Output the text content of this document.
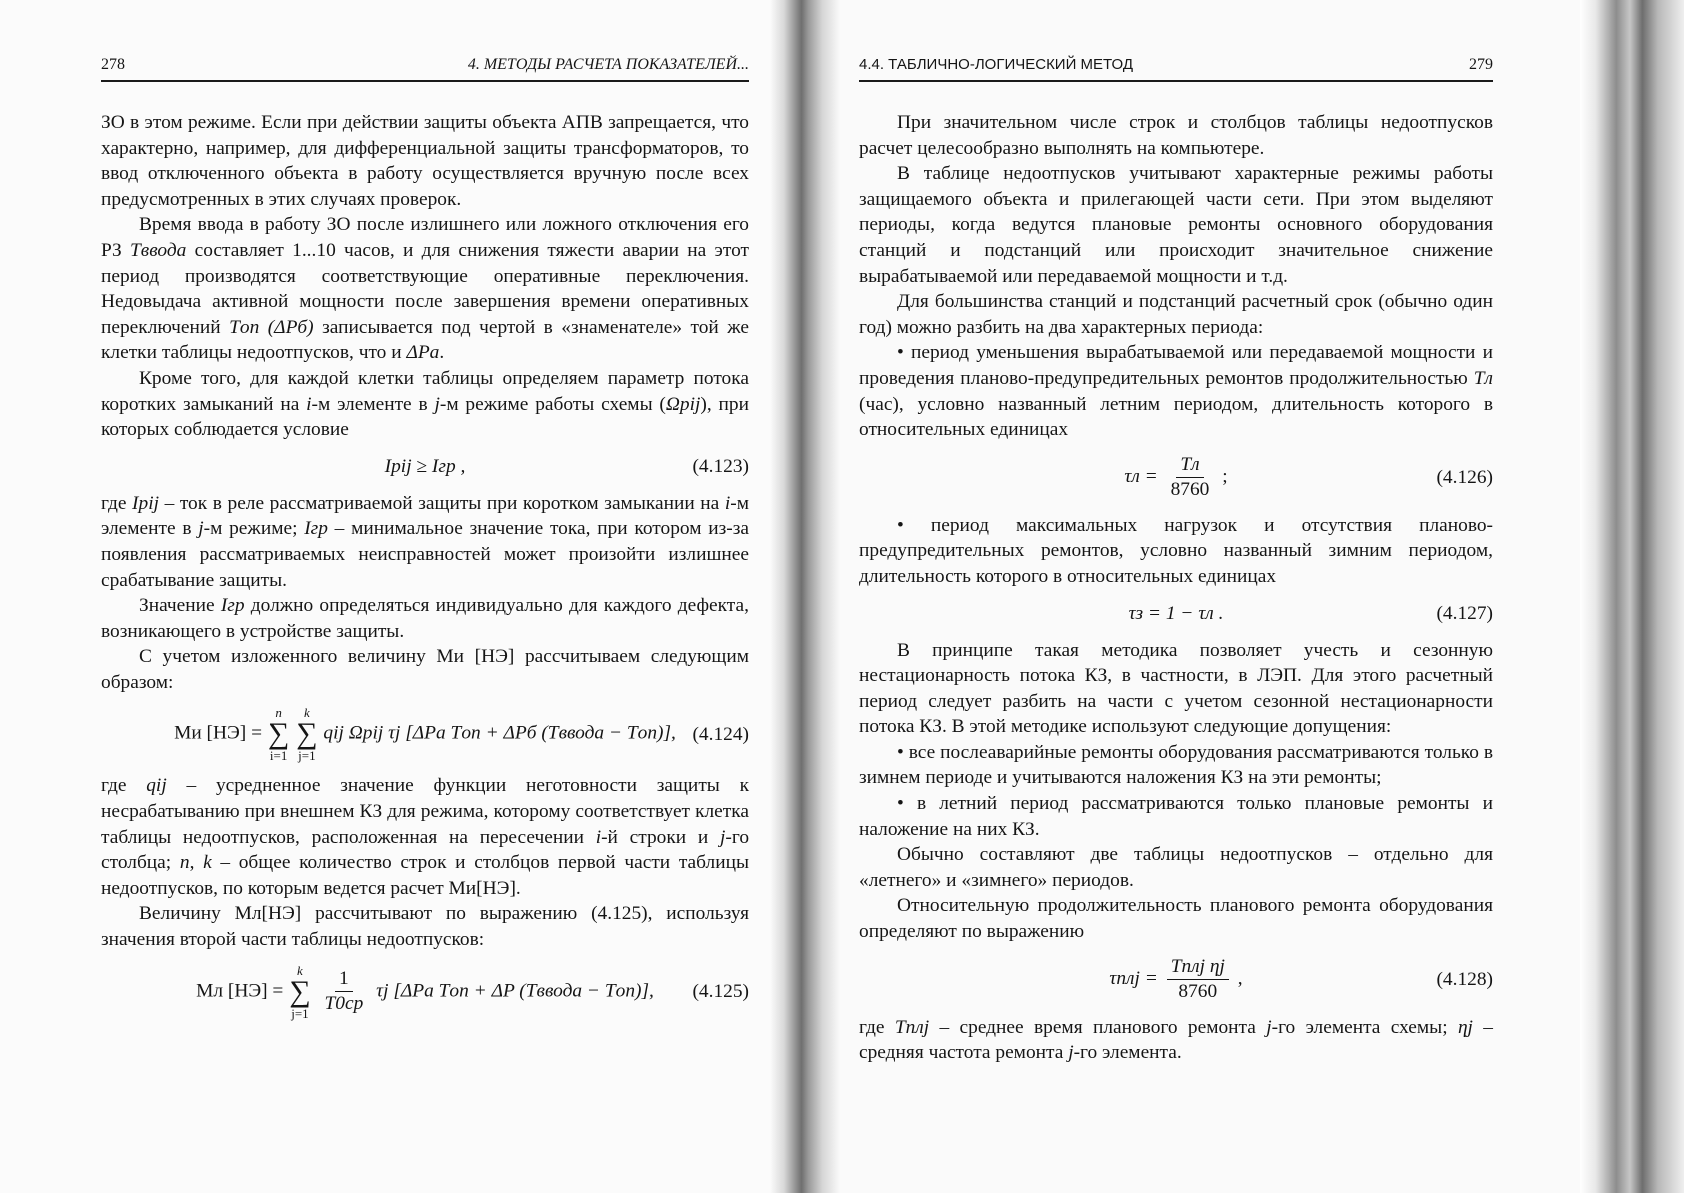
278	4. МЕТОДЫ РАСЧЕТА ПОКАЗАТЕЛЕЙ...

ЗО в этом режиме. Если при действии защиты объекта АПВ запрещается, что характерно, например, для дифференциальной защиты трансформаторов, то ввод отключенного объекта в работу осуществляется вручную после всех предусмотренных в этих случаях проверок.

Время ввода в работу ЗО после излишнего или ложного отключения его РЗ Tввода составляет 1...10 часов, и для снижения тяжести аварии на этот период производятся соответствующие оперативные переключения. Недовыдача активной мощности после завершения времени оперативных переключений Tоп (ΔPб) записывается под чертой в «знаменателе» той же клетки таблицы недоотпусков, что и ΔPа.

Кроме того, для каждой клетки таблицы определяем параметр потока коротких замыканий на i-м элементе в j-м режиме работы схемы (Ωpij), при которых соблюдается условие

Ipij ≥ Iгр ,	(4.123)

где Ipij – ток в реле рассматриваемой защиты при коротком замыкании на i-м элементе в j-м режиме; Iгр – минимальное значение тока, при котором из-за появления рассматриваемых неисправностей может произойти излишнее срабатывание защиты.

Значение Iгр должно определяться индивидуально для каждого дефекта, возникающего в устройстве защиты.

С учетом изложенного величину Mи [НЭ] рассчитываем следующим образом:

Mи [НЭ] =
n
∑
i=1

k
∑
j=1
qij Ωpij τj [ΔPa Tоп + ΔPб (Tввода − Tоп)], (4.124)

где qij – усредненное значение функции неготовности защиты к несрабатыванию при внешнем КЗ для режима, которому соответствует клетка таблицы недоотпусков, расположенная на пересечении i-й строки и j-го столбца; n, k – общее количество строк и столбцов первой части таблицы недоотпусков, по которым ведется расчет Mи[НЭ].

Величину Mл[НЭ] рассчитывают по выражению (4.125), используя значения второй части таблицы недоотпусков:

Mл [НЭ] =
k
∑
j=1
$\frac{1}{T0ср}$ τj [ΔPa Tоп + ΔP (Tввода − Tоп)], (4.125)
4.4. ТАБЛИЧНО-ЛОГИЧЕСКИЙ МЕТОД	279

При значительном числе строк и столбцов таблицы недоотпусков расчет целесообразно выполнять на компьютере.

В таблице недоотпусков учитывают характерные режимы работы защищаемого объекта и прилегающей части сети. При этом выделяют периоды, когда ведутся плановые ремонты основного оборудования станций и подстанций или происходит значительное снижение вырабатываемой или передаваемой мощности и т.д.

Для большинства станций и подстанций расчетный срок (обычно один год) можно разбить на два характерных периода:

• период уменьшения вырабатываемой или передаваемой мощности и проведения планово-предупредительных ремонтов продолжительностью Tл (час), условно названный летним периодом, длительность которого в относительных единицах

$\tau л = \frac{Tл}{8760}$ ;	(4.126)

• период максимальных нагрузок и отсутствия планово-предупредительных ремонтов, условно названный зимним периодом, длительность которого в относительных единицах

τз = 1 − τл .	(4.127)

В принципе такая методика позволяет учесть и сезонную нестационарность потока КЗ, в частности, в ЛЭП. Для этого расчетный период следует разбить на части с учетом сезонной нестационарности потока КЗ. В этой методике используют следующие допущения:

• все послеаварийные ремонты оборудования рассматриваются только в зимнем периоде и учитываются наложения КЗ на эти ремонты;

• в летний период рассматриваются только плановые ремонты и наложение на них КЗ.

Обычно составляют две таблицы недоотпусков – отдельно для «летнего» и «зимнего» периодов.

Относительную продолжительность планового ремонта оборудования определяют по выражению

$\tau плj = \frac{\text{Tплj ηj}}{8760}$ ,	(4.128)

где Tплj – среднее время планового ремонта j-го элемента схемы; ηj – средняя частота ремонта j-го элемента.
